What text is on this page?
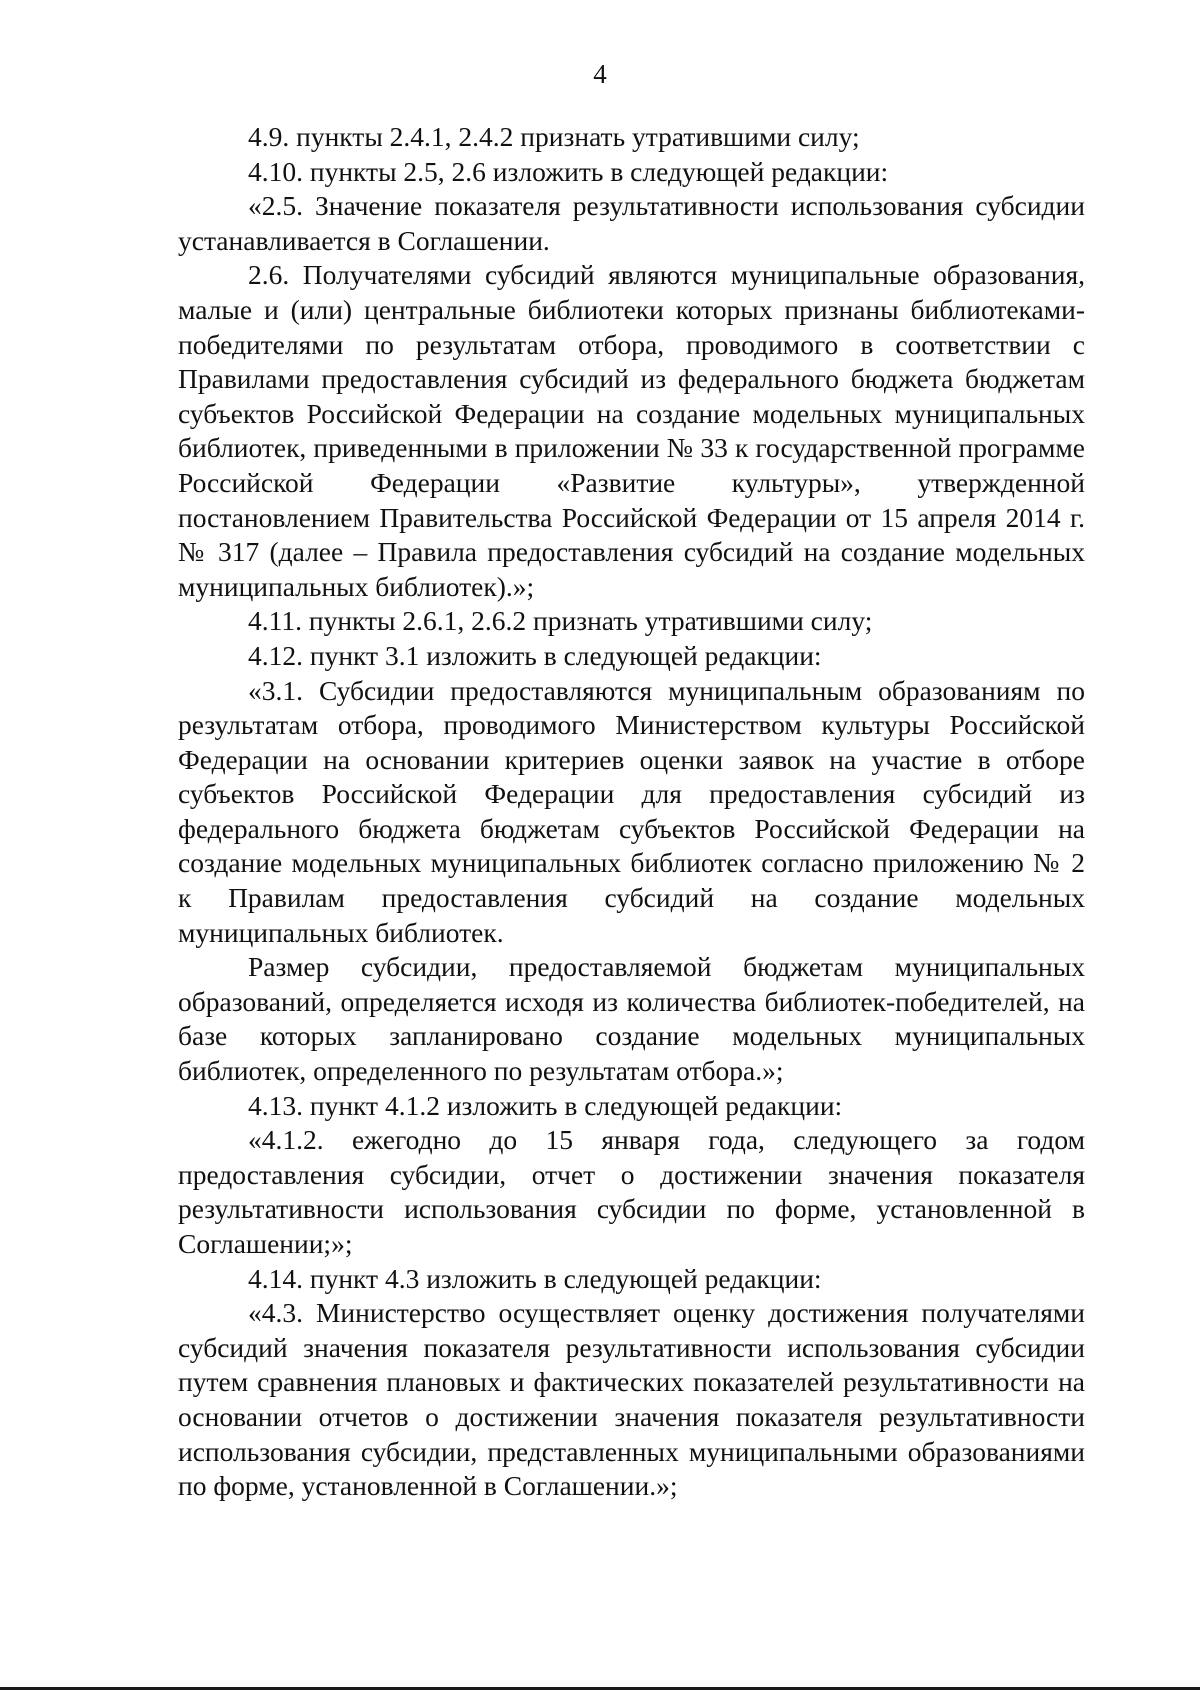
4

4.9. пункты 2.4.1, 2.4.2 признать утратившими силу;

4.10. пункты 2.5, 2.6 изложить в следующей редакции:

«2.5. Значение показателя результативности использования субсидии устанавливается в Соглашении.

2.6. Получателями субсидий являются муниципальные образования, малые и (или) центральные библиотеки которых признаны библиотеками-победителями по результатам отбора, проводимого в соответствии с Правилами предоставления субсидий из федерального бюджета бюджетам субъектов Российской Федерации на создание модельных муниципальных библиотек, приведенными в приложении № 33 к государственной программе Российской Федерации «Развитие культуры», утвержденной постановлением Правительства Российской Федерации от 15 апреля 2014 г. № 317 (далее – Правила предоставления субсидий на создание модельных муниципальных библиотек).»;

4.11. пункты 2.6.1, 2.6.2 признать утратившими силу;

4.12. пункт 3.1 изложить в следующей редакции:

«3.1. Субсидии предоставляются муниципальным образованиям по результатам отбора, проводимого Министерством культуры Российской Федерации на основании критериев оценки заявок на участие в отборе субъектов Российской Федерации для предоставления субсидий из федерального бюджета бюджетам субъектов Российской Федерации на создание модельных муниципальных библиотек согласно приложению № 2 к Правилам предоставления субсидий на создание модельных муниципальных библиотек.

Размер субсидии, предоставляемой бюджетам муниципальных образований, определяется исходя из количества библиотек-победителей, на базе которых запланировано создание модельных муниципальных библиотек, определенного по результатам отбора.»;

4.13. пункт 4.1.2 изложить в следующей редакции:

«4.1.2. ежегодно до 15 января года, следующего за годом предоставления субсидии, отчет о достижении значения показателя результативности использования субсидии по форме, установленной в Соглашении;»;

4.14. пункт 4.3 изложить в следующей редакции:

«4.3. Министерство осуществляет оценку достижения получателями субсидий значения показателя результативности использования субсидии путем сравнения плановых и фактических показателей результативности на основании отчетов о достижении значения показателя результативности использования субсидии, представленных муниципальными образованиями по форме, установленной в Соглашении.»;
